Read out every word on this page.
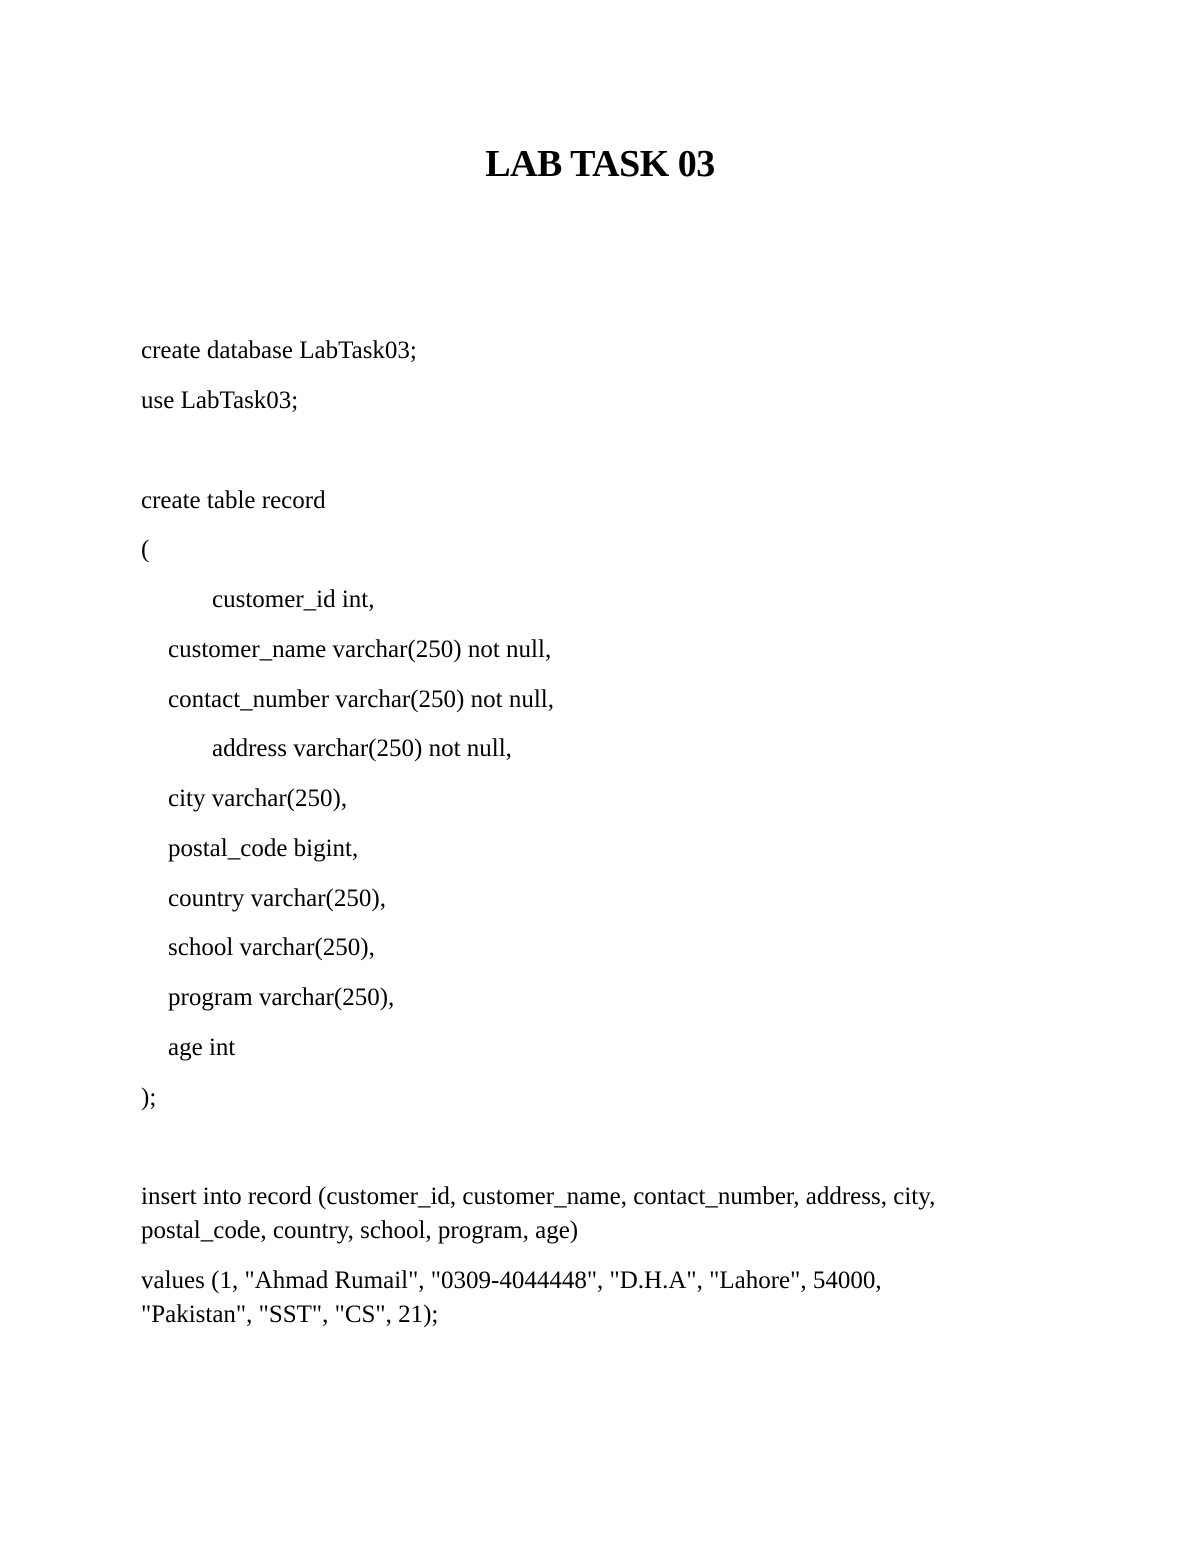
LAB TASK 03
create database LabTask03;
use LabTask03;
create table record
(
customer_id int,
customer_name varchar(250) not null,
contact_number varchar(250) not null,
address varchar(250) not null,
city varchar(250),
postal_code bigint,
country varchar(250),
school varchar(250),
program varchar(250),
age int
);
insert into record (customer_id, customer_name, contact_number, address, city,
postal_code, country, school, program, age)
values (1, "Ahmad Rumail", "0309-4044448", "D.H.A", "Lahore", 54000,
"Pakistan", "SST", "CS", 21);
